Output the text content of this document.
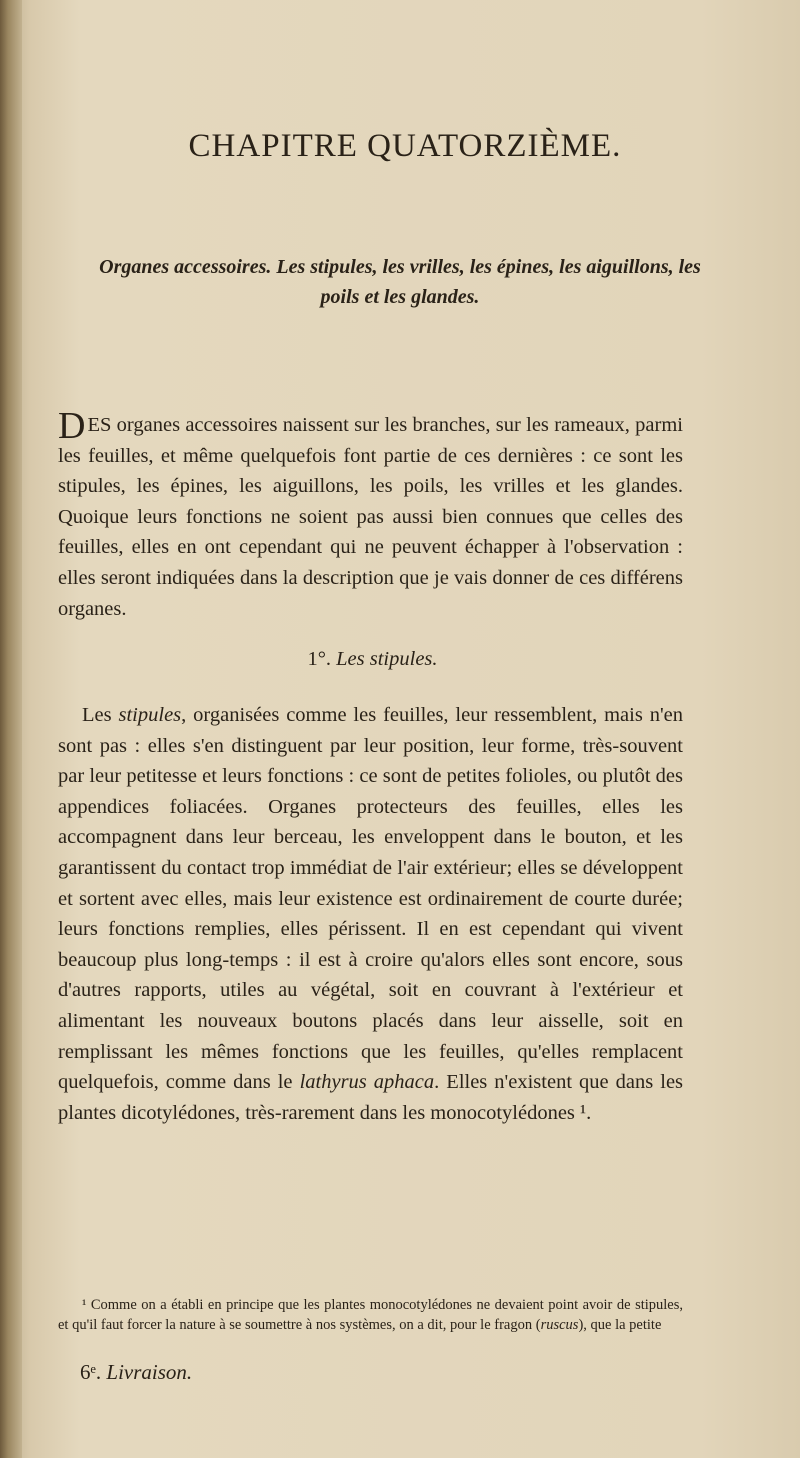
CHAPITRE QUATORZIÈME.
Organes accessoires. Les stipules, les vrilles, les épines, les aiguillons, les poils et les glandes.
DES organes accessoires naissent sur les branches, sur les rameaux, parmi les feuilles, et même quelquefois font partie de ces dernières : ce sont les stipules, les épines, les aiguillons, les poils, les vrilles et les glandes. Quoique leurs fonctions ne soient pas aussi bien connues que celles des feuilles, elles en ont cependant qui ne peuvent échapper à l'observation : elles seront indiquées dans la description que je vais donner de ces différens organes.
1°. Les stipules.
Les stipules, organisées comme les feuilles, leur ressemblent, mais n'en sont pas : elles s'en distinguent par leur position, leur forme, très-souvent par leur petitesse et leurs fonctions : ce sont de petites folioles, ou plutôt des appendices foliacées. Organes protecteurs des feuilles, elles les accompagnent dans leur berceau, les enveloppent dans le bouton, et les garantissent du contact trop immédiat de l'air extérieur; elles se développent et sortent avec elles, mais leur existence est ordinairement de courte durée; leurs fonctions remplies, elles périssent. Il en est cependant qui vivent beaucoup plus long-temps : il est à croire qu'alors elles sont encore, sous d'autres rapports, utiles au végétal, soit en couvrant à l'extérieur et alimentant les nouveaux boutons placés dans leur aisselle, soit en remplissant les mêmes fonctions que les feuilles, qu'elles remplacent quelquefois, comme dans le lathyrus aphaca. Elles n'existent que dans les plantes dicotylédones, très-rarement dans les monocotylédones ¹.
¹ Comme on a établi en principe que les plantes monocotylédones ne devaient point avoir de stipules, et qu'il faut forcer la nature à se soumettre à nos systèmes, on a dit, pour le fragon (ruscus), que la petite
6ᵉ. Livraison.
